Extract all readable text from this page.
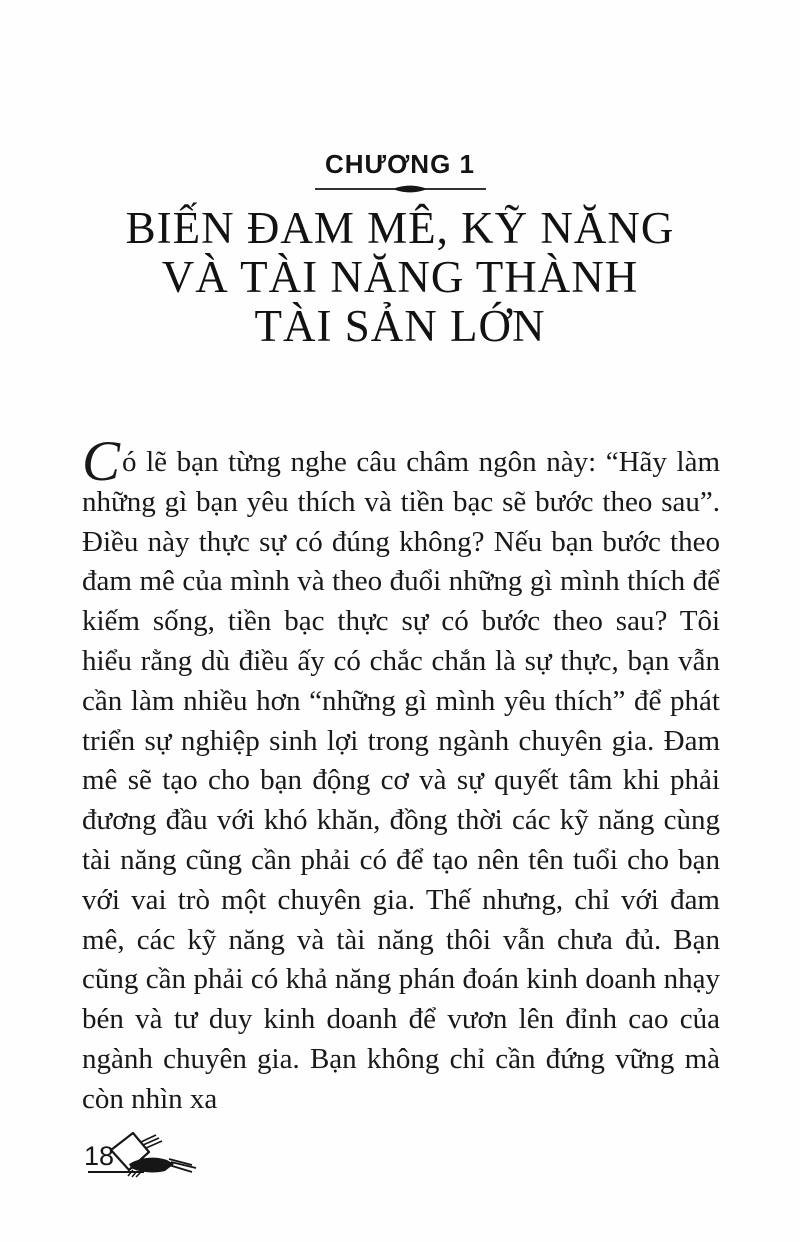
CHƯƠNG 1
BIẾN ĐAM MÊ, KỸ NĂNG
VÀ TÀI NĂNG THÀNH
TÀI SẢN LỚN

Có lẽ bạn từng nghe câu châm ngôn này: “Hãy làm những gì bạn yêu thích và tiền bạc sẽ bước theo sau”. Điều này thực sự có đúng không? Nếu bạn bước theo đam mê của mình và theo đuổi những gì mình thích để kiếm sống, tiền bạc thực sự có bước theo sau? Tôi hiểu rằng dù điều ấy có chắc chắn là sự thực, bạn vẫn cần làm nhiều hơn “những gì mình yêu thích” để phát triển sự nghiệp sinh lợi trong ngành chuyên gia. Đam mê sẽ tạo cho bạn động cơ và sự quyết tâm khi phải đương đầu với khó khăn, đồng thời các kỹ năng cùng tài năng cũng cần phải có để tạo nên tên tuổi cho bạn với vai trò một chuyên gia. Thế nhưng, chỉ với đam mê, các kỹ năng và tài năng thôi vẫn chưa đủ. Bạn cũng cần phải có khả năng phán đoán kinh doanh nhạy bén và tư duy kinh doanh để vươn lên đỉnh cao của ngành chuyên gia. Bạn không chỉ cần đứng vững mà còn nhìn xa

18
